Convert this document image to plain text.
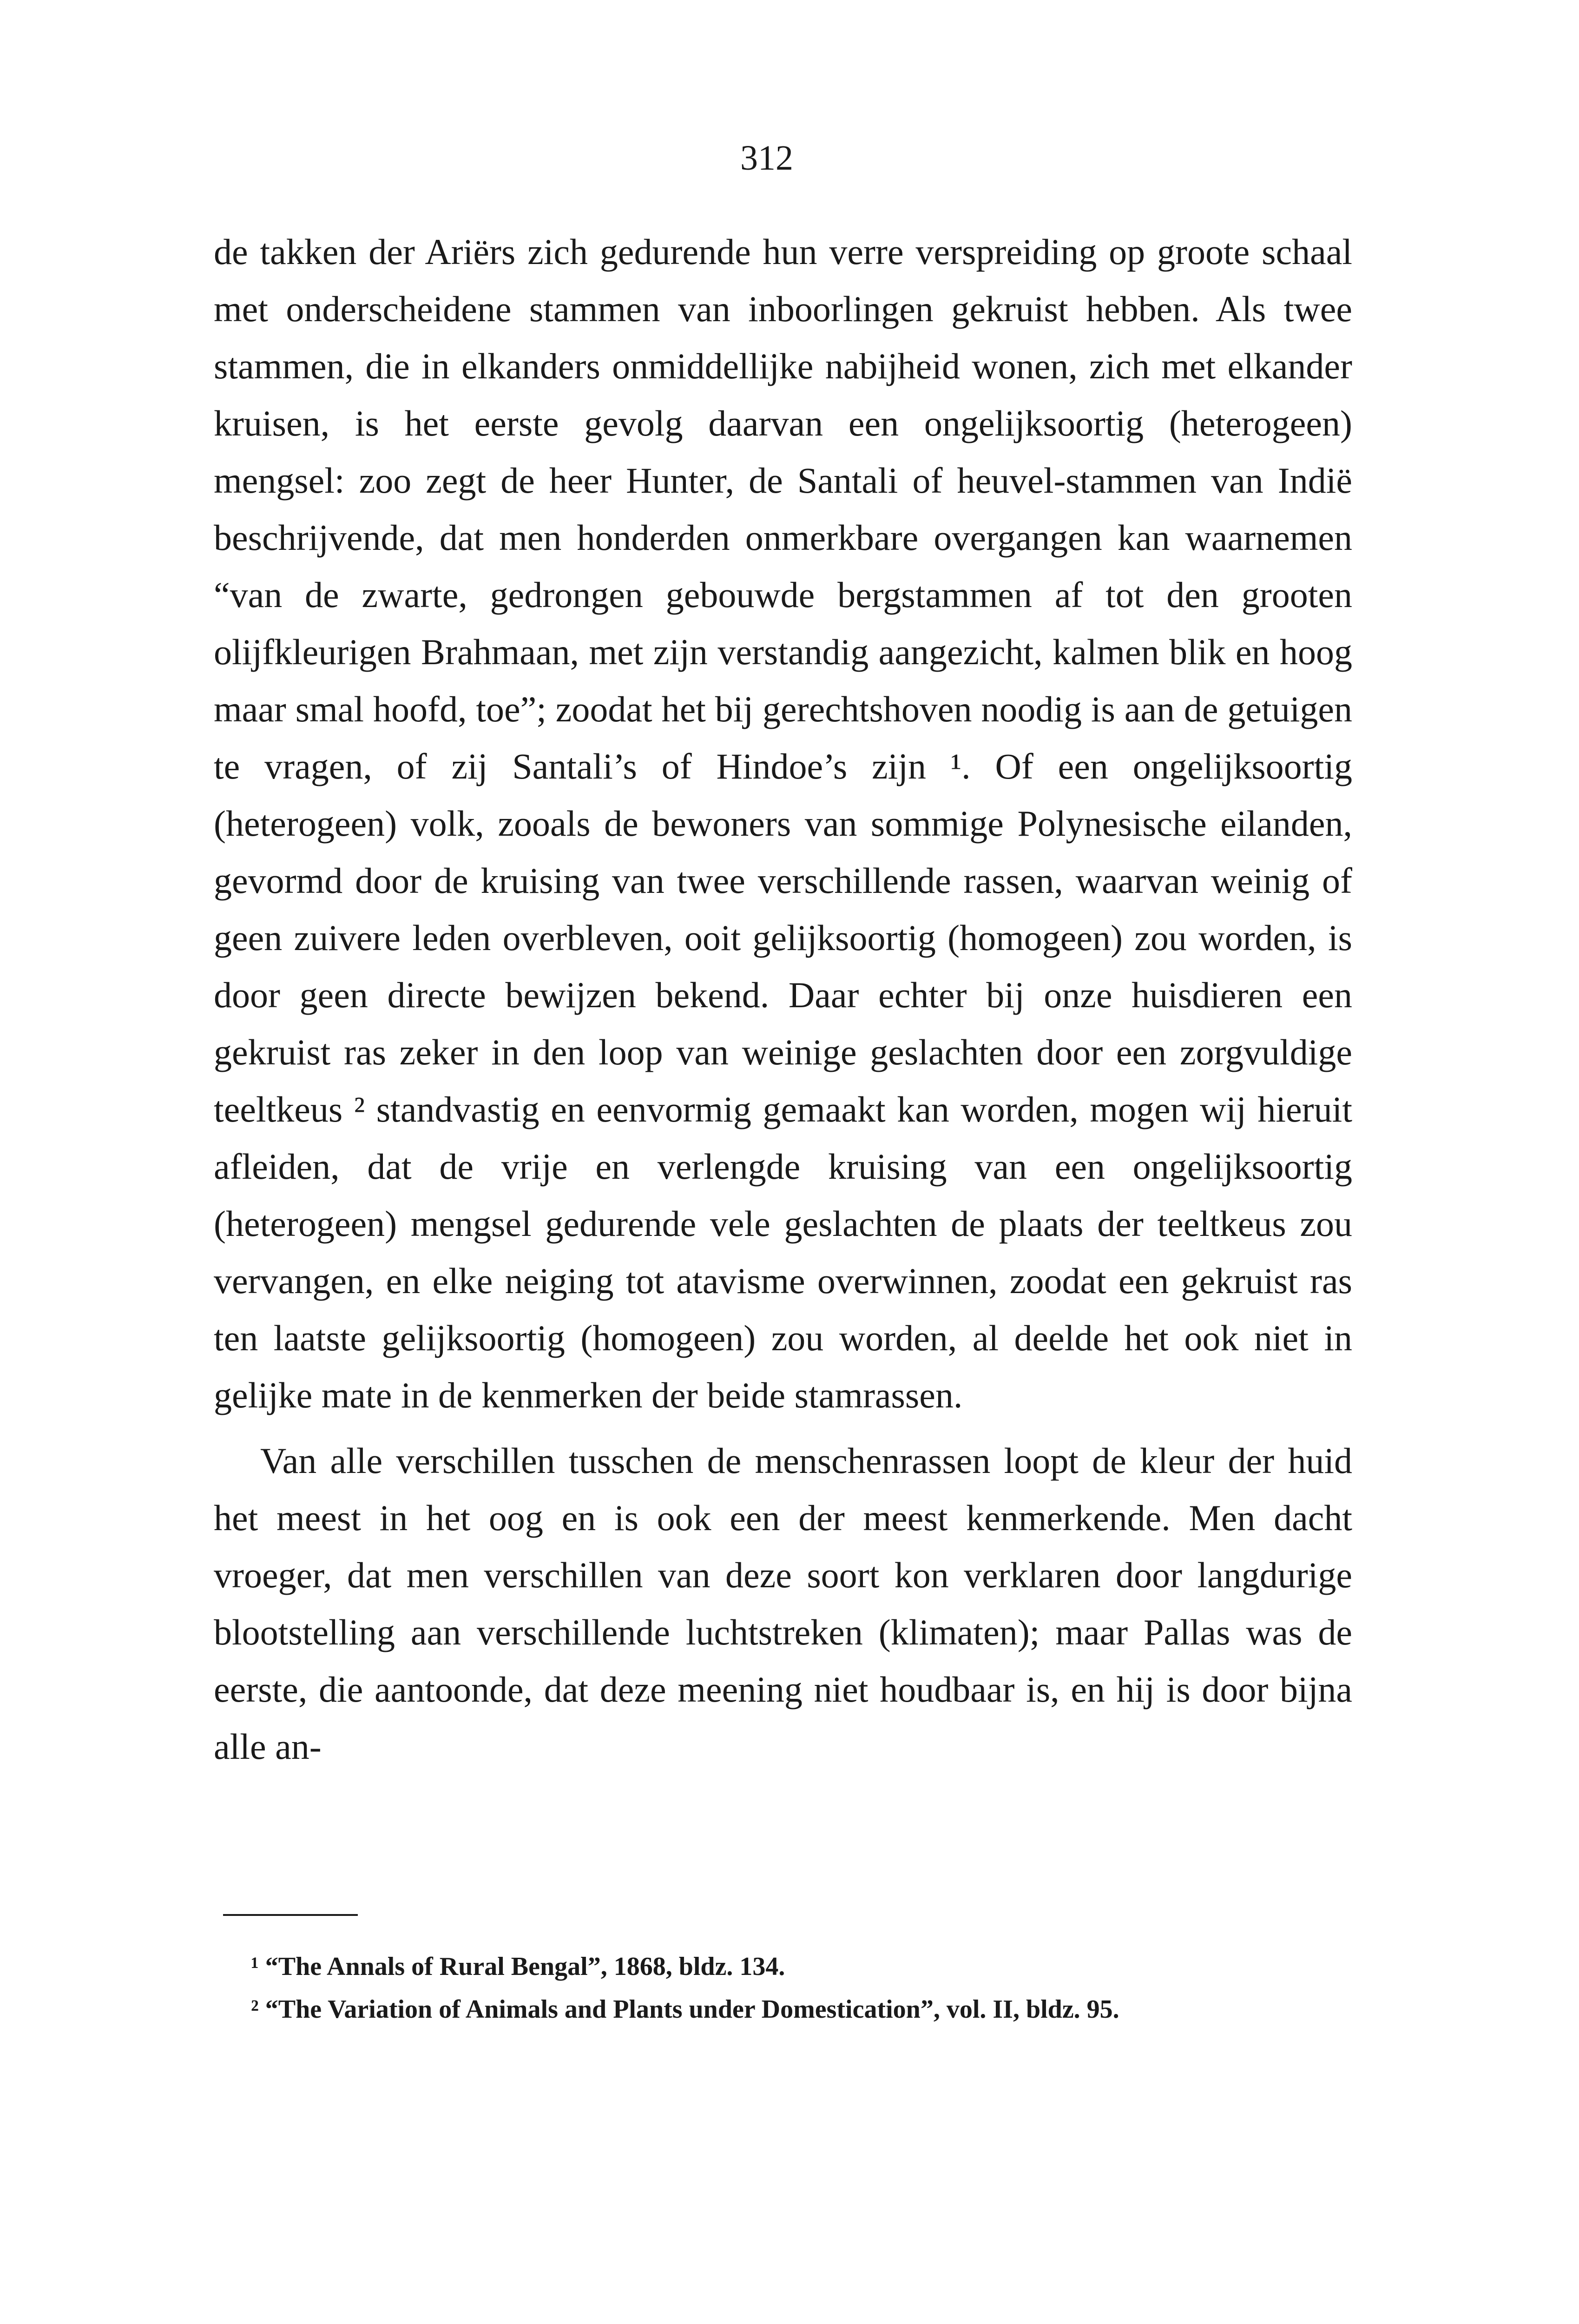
312

de takken der Ariërs zich gedurende hun verre verspreiding op groote schaal met onderscheidene stammen van inboorlingen gekruist hebben. Als twee stammen, die in elkanders onmiddellijke nabijheid wonen, zich met elkander kruisen, is het eerste gevolg daarvan een ongelijksoortig (heterogeen) mengsel: zoo zegt de heer Hunter, de Santali of heuvel-stammen van Indië beschrijvende, dat men honderden onmerkbare overgangen kan waarnemen “van de zwarte, gedrongen gebouwde bergstammen af tot den grooten olijfkleurigen Brahmaan, met zijn verstandig aangezicht, kalmen blik en hoog maar smal hoofd, toe”; zoodat het bij gerechtshoven noodig is aan de getuigen te vragen, of zij Santali’s of Hindoe’s zijn ¹. Of een ongelijksoortig (heterogeen) volk, zooals de bewoners van sommige Polynesische eilanden, gevormd door de kruising van twee verschillende rassen, waarvan weinig of geen zuivere leden overbleven, ooit gelijksoortig (homogeen) zou worden, is door geen directe bewijzen bekend. Daar echter bij onze huisdieren een gekruist ras zeker in den loop van weinige geslachten door een zorgvuldige teeltkeus ² standvastig en eenvormig gemaakt kan worden, mogen wij hieruit afleiden, dat de vrije en verlengde kruising van een ongelijksoortig (heterogeen) mengsel gedurende vele geslachten de plaats der teeltkeus zou vervangen, en elke neiging tot atavisme overwinnen, zoodat een gekruist ras ten laatste gelijksoortig (homogeen) zou worden, al deelde het ook niet in gelijke mate in de kenmerken der beide stamrassen.

Van alle verschillen tusschen de menschenrassen loopt de kleur der huid het meest in het oog en is ook een der meest kenmerkende. Men dacht vroeger, dat men verschillen van deze soort kon verklaren door langdurige blootstelling aan verschillende luchtstreken (klimaten); maar Pallas was de eerste, die aantoonde, dat deze meening niet houdbaar is, en hij is door bijna alle an-

¹ “The Annals of Rural Bengal”, 1868, bldz. 134.

² “The Variation of Animals and Plants under Domestication”, vol. II, bldz. 95.
